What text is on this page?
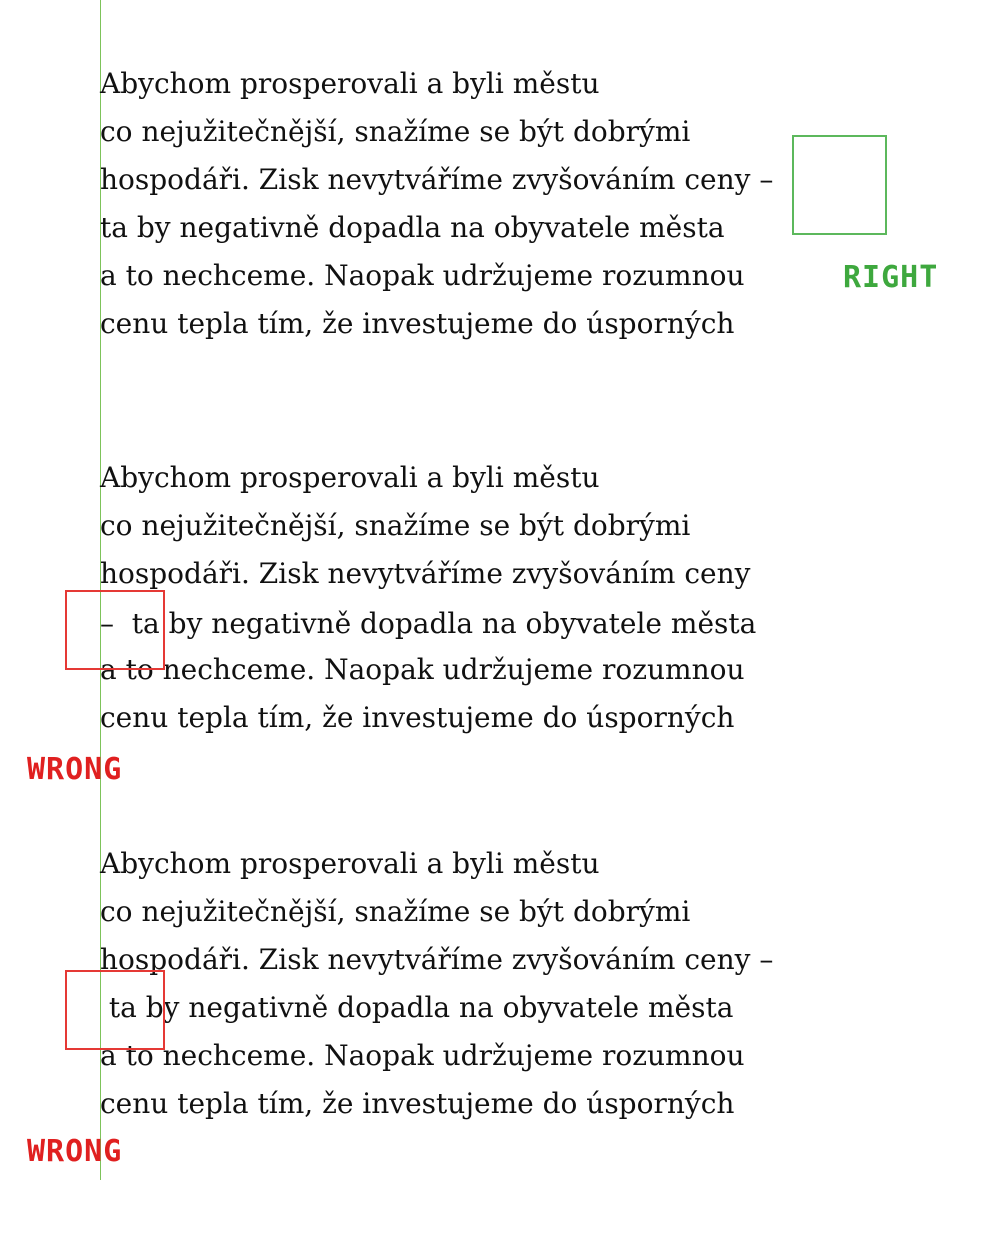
Abychom prosperovali a byli městu
co nejužitečnější, snažíme se být dobrými
hospodáři. Zisk nevytváříme zvyšováním ceny –
ta by negativně dopadla na obyvatele města
a to nechceme. Naopak udržujeme rozumnou
cenu tepla tím, že investujeme do úsporných
RIGHT
Abychom prosperovali a byli městu
co nejužitečnější, snažíme se být dobrými
hospodáři. Zisk nevytváříme zvyšováním ceny
–  ta by negativně dopadla na obyvatele města
a to nechceme. Naopak udržujeme rozumnou
cenu tepla tím, že investujeme do úsporných
WRONG
Abychom prosperovali a byli městu
co nejužitečnější, snažíme se být dobrými
hospodáři. Zisk nevytváříme zvyšováním ceny –
ta by negativně dopadla na obyvatele města
a to nechceme. Naopak udržujeme rozumnou
cenu tepla tím, že investujeme do úsporných
WRONG
